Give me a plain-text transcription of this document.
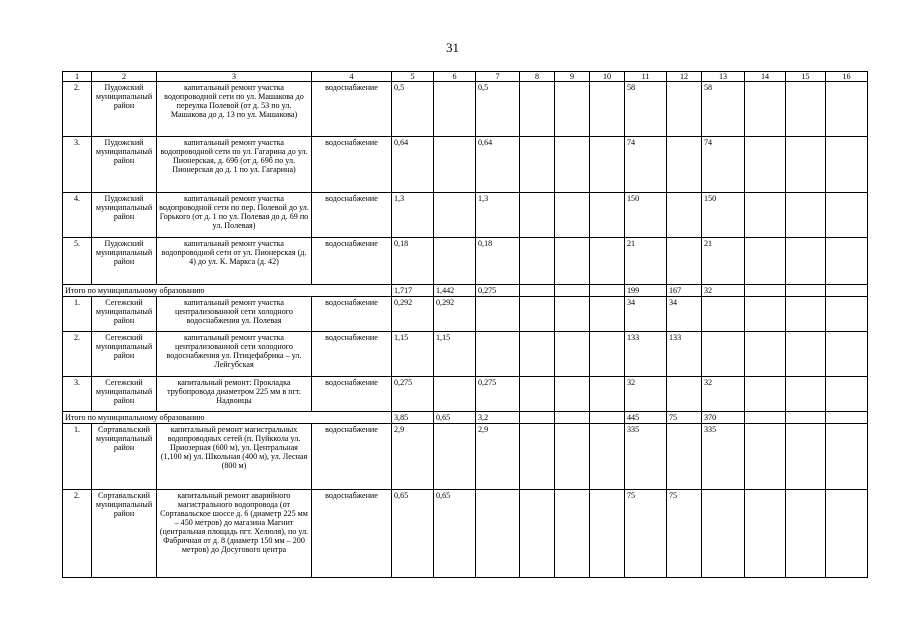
31
1	2	3	4	5	6	7	8	9	10	11	12	13	14	15	16
2.	Пудожский муниципальный район	капитальный ремонт участка водопроводной сети по ул. Машакова до переулка Полевой (от д. 53 по ул. Машакова до д. 13 по ул. Машакова)	водоснабжение	0,5		0,5				58		58			
3.	Пудожский муниципальный район	капитальный ремонт участка водопроводной сети по ул. Гагарина до ул. Пионерская, д. 69б (от д. 69б по ул. Пионерская до д. 1 по ул. Гагарина)	водоснабжение	0,64		0,64				74		74			
4.	Пудожский муниципальный район	капитальный ремонт участка водопроводной сети по пер. Полевой до ул. Горького (от д. 1 по ул. Полевая до д. 69 по ул. Полевая)	водоснабжение	1,3		1,3				150		150			
5.	Пудожский муниципальный район	капитальный ремонт участка водопроводной сети от ул. Пионерская (д. 4) до ул. К. Маркса (д. 42)	водоснабжение	0,18		0,18				21		21			
Итого по муниципальному образованию				1,717	1,442	0,275				199	167	32			
1.	Сегежский муниципальный район	капитальный ремонт участка централизованной сети холодного водоснабжения ул. Полевая	водоснабжение	0,292	0,292					34	34				
2.	Сегежский муниципальный район	капитальный ремонт участка централизованной сети холодного водоснабжения ул. Птицефабрика – ул. Лейгубская	водоснабжение	1,15	1,15					133	133				
3.	Сегежский муниципальный район	капитальный ремонт: Прокладка трубопровода диаметром 225 мм в пгт. Надвоицы	водоснабжение	0,275		0,275				32		32			
Итого по муниципальному образованию				3,85	0,65	3,2				445	75	370			
1.	Сортавальский муниципальный район	капитальный ремонт магистральных водопроводных сетей (п. Пуйккола ул. Приозерная (600 м), ул. Центральная (1,100 м) ул. Школьная (400 м), ул. Лесная (800 м)	водоснабжение	2,9		2,9				335		335			
2.	Сортавальский муниципальный район	капитальный ремонт аварийного магистрального водопровода (от Сортавальское шоссе д. 6 (диаметр 225 мм – 450 метров) до магазина Магнит (центральная площадь пгт. Хелюля), по ул. Фабричная от д. 8 (диаметр 150 мм – 200 метров) до Досугового центра	водоснабжение	0,65	0,65					75	75				
